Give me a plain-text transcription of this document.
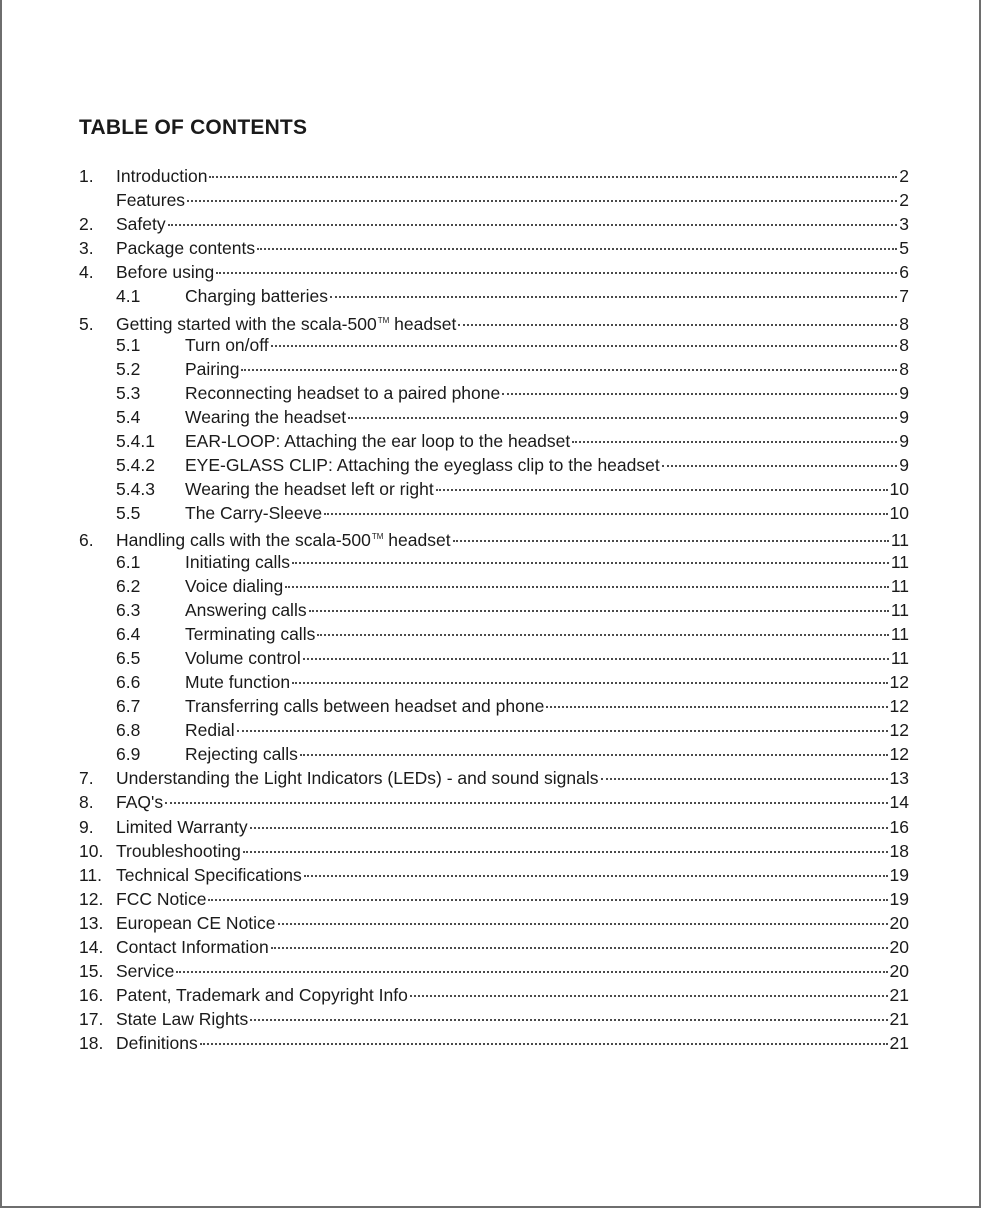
TABLE OF CONTENTS
1.	Introduction	2
Features	2
2.	Safety	3
3.	Package contents	5
4.	Before using	6
4.1	Charging batteries	7
5.	Getting started with the scala-500™ headset	8
5.1	Turn on/off	8
5.2	Pairing	8
5.3	Reconnecting headset to a paired phone	9
5.4	Wearing the headset	9
5.4.1	EAR-LOOP: Attaching the ear loop to the headset	9
5.4.2	EYE-GLASS CLIP: Attaching the eyeglass clip to the headset	9
5.4.3	Wearing the headset left or right	10
5.5	The Carry-Sleeve	10
6.	Handling calls with the scala-500™ headset	11
6.1	Initiating calls	11
6.2	Voice dialing	11
6.3	Answering calls	11
6.4	Terminating calls	11
6.5	Volume control	11
6.6	Mute function	12
6.7	Transferring calls between headset and phone	12
6.8	Redial	12
6.9	Rejecting calls	12
7.	Understanding the Light Indicators (LEDs) - and sound signals	13
8.	FAQ's	14
9.	Limited Warranty	16
10. Troubleshooting	18
11. Technical Specifications	19
12. FCC Notice	19
13. European CE Notice	20
14. Contact Information	20
15. Service	20
16. Patent, Trademark and Copyright Info	21
17. State Law Rights	21
18. Definitions	21
